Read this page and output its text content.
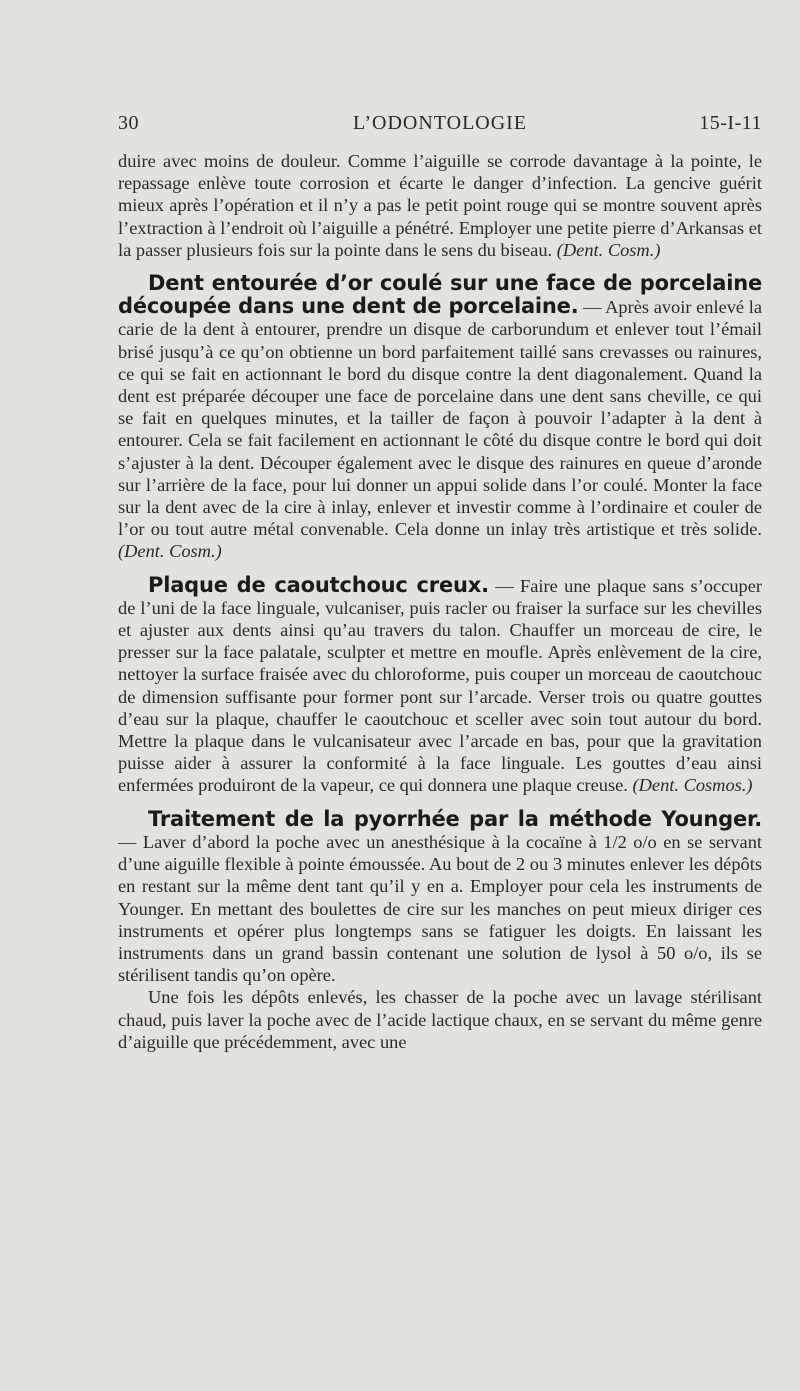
30	L’ODONTOLOGIE	15-I-11

duire avec moins de douleur. Comme l’aiguille se corrode davantage à la pointe, le repassage enlève toute corrosion et écarte le danger d’infection. La gencive guérit mieux après l’opération et il n’y a pas le petit point rouge qui se montre souvent après l’extraction à l’endroit où l’aiguille a pénétré. Employer une petite pierre d’Arkansas et la passer plusieurs fois sur la pointe dans le sens du biseau. (Dent. Cosm.)

Dent entourée d’or coulé sur une face de porcelaine découpée dans une dent de porcelaine. — Après avoir enlevé la carie de la dent à entourer, prendre un disque de carborundum et enlever tout l’émail brisé jusqu’à ce qu’on obtienne un bord parfaitement taillé sans crevasses ou rainures, ce qui se fait en actionnant le bord du disque contre la dent diagonalement. Quand la dent est préparée découper une face de porcelaine dans une dent sans cheville, ce qui se fait en quelques minutes, et la tailler de façon à pouvoir l’adapter à la dent à entourer. Cela se fait facilement en actionnant le côté du disque contre le bord qui doit s’ajuster à la dent. Découper également avec le disque des rainures en queue d’aronde sur l’arrière de la face, pour lui donner un appui solide dans l’or coulé. Monter la face sur la dent avec de la cire à inlay, enlever et investir comme à l’ordinaire et couler de l’or ou tout autre métal convenable. Cela donne un inlay très artistique et très solide. (Dent. Cosm.)

Plaque de caoutchouc creux. — Faire une plaque sans s’occuper de l’uni de la face linguale, vulcaniser, puis racler ou fraiser la surface sur les chevilles et ajuster aux dents ainsi qu’au travers du talon. Chauffer un morceau de cire, le presser sur la face palatale, sculpter et mettre en moufle. Après enlèvement de la cire, nettoyer la surface fraisée avec du chloroforme, puis couper un morceau de caoutchouc de dimension suffisante pour former pont sur l’arcade. Verser trois ou quatre gouttes d’eau sur la plaque, chauffer le caoutchouc et sceller avec soin tout autour du bord. Mettre la plaque dans le vulcanisateur avec l’arcade en bas, pour que la gravitation puisse aider à assurer la conformité à la face linguale. Les gouttes d’eau ainsi enfermées produiront de la vapeur, ce qui donnera une plaque creuse. (Dent. Cosmos.)

Traitement de la pyorrhée par la méthode Younger. — Laver d’abord la poche avec un anesthésique à la cocaïne à 1/2 o/o en se servant d’une aiguille flexible à pointe émoussée. Au bout de 2 ou 3 minutes enlever les dépôts en restant sur la même dent tant qu’il y en a. Employer pour cela les instruments de Younger. En mettant des boulettes de cire sur les manches on peut mieux diriger ces instruments et opérer plus longtemps sans se fatiguer les doigts. En laissant les instruments dans un grand bassin contenant une solution de lysol à 50 o/o, ils se stérilisent tandis qu’on opère.

Une fois les dépôts enlevés, les chasser de la poche avec un lavage stérilisant chaud, puis laver la poche avec de l’acide lactique chaux, en se servant du même genre d’aiguille que précédemment, avec une
